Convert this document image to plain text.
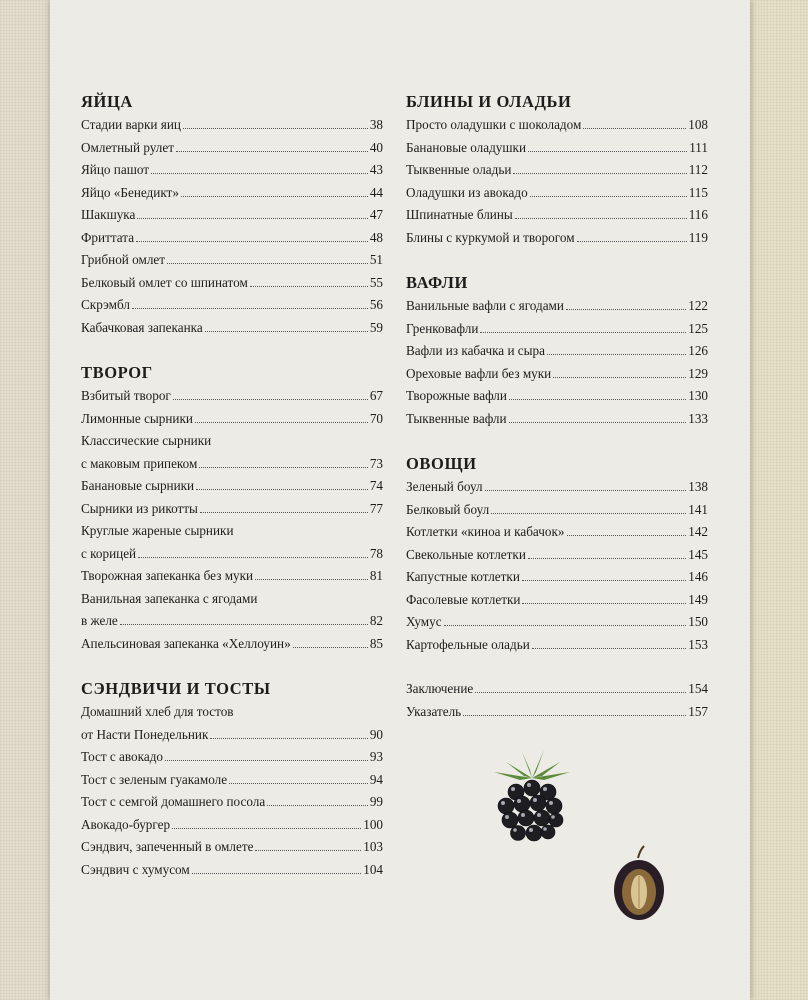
ЯЙЦА
Стадии варки яиц	38
Омлетный рулет	40
Яйцо пашот	43
Яйцо «Бенедикт»	44
Шакшука	47
Фриттата	48
Грибной омлет	51
Белковый омлет со шпинатом	55
Скрэмбл	56
Кабачковая запеканка	59
ТВОРОГ
Взбитый творог	67
Лимонные сырники	70
Классические сырники
с маковым припеком	73
Банановые сырники	74
Сырники из рикотты	77
Круглые жареные сырники
с корицей	78
Творожная запеканка без муки	81
Ванильная запеканка с ягодами
в желе	82
Апельсиновая запеканка «Хеллоуин»	85
СЭНДВИЧИ И ТОСТЫ
Домашний хлеб для тостов
от Насти Понедельник	90
Тост с авокадо	93
Тост с зеленым гуакамоле	94
Тост с семгой домашнего посола	99
Авокадо-бургер	100
Сэндвич, запеченный в омлете	103
Сэндвич с хумусом	104
БЛИНЫ И ОЛАДЬИ
Просто оладушки с шоколадом	108
Банановые оладушки	111
Тыквенные оладьи	112
Оладушки из авокадо	115
Шпинатные блины	116
Блины с куркумой и творогом	119
ВАФЛИ
Ванильные вафли с ягодами	122
Гренковафли	125
Вафли из кабачка и сыра	126
Ореховые вафли без муки	129
Творожные вафли	130
Тыквенные вафли	133
ОВОЩИ
Зеленый боул	138
Белковый боул	141
Котлетки «киноа и кабачок»	142
Свекольные котлетки	145
Капустные котлетки	146
Фасолевые котлетки	149
Хумус	150
Картофельные оладьи	153
Заключение	154
Указатель	157
